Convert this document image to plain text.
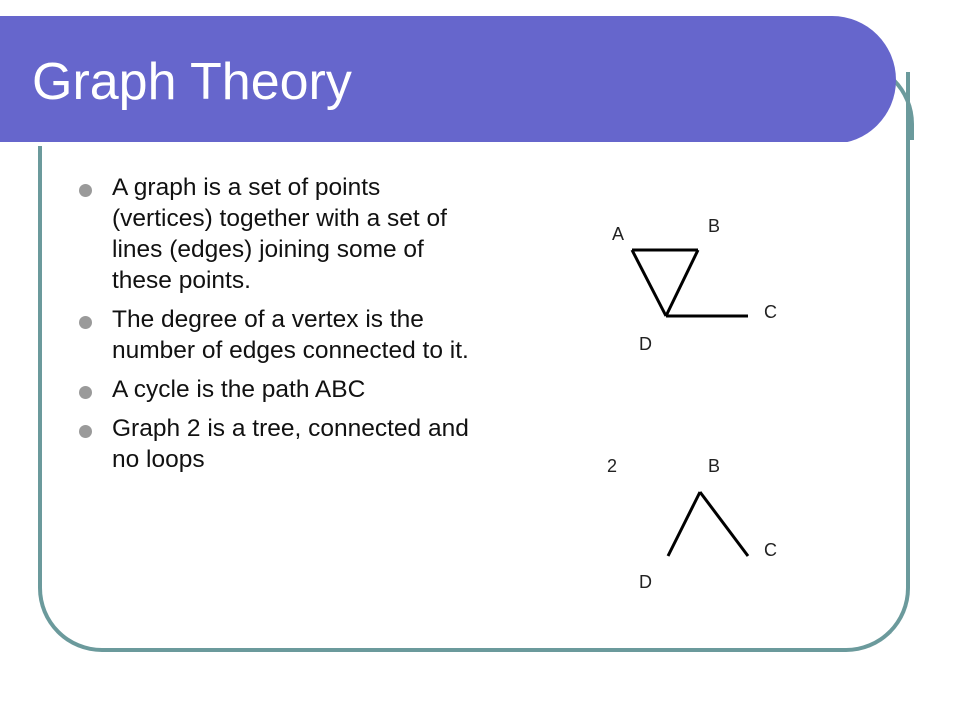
Graph Theory
A graph is a set of points (vertices) together with a set of lines (edges) joining some of these points.
The degree of a vertex is the number of edges connected to it.
A cycle is the path ABC
Graph 2 is a tree, connected and no loops
A	B
C
D
2	B
C
D
